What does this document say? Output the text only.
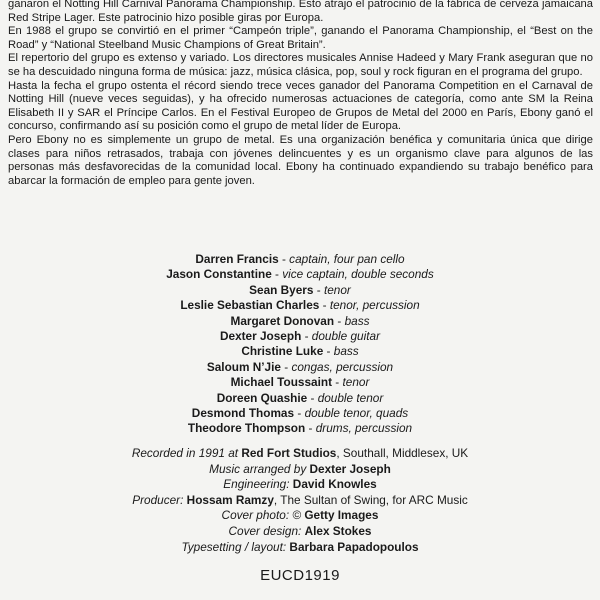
ganaron el Notting Hill Carnival Panorama Championship. Esto atrajo el patrocinio de la fábrica de cerveza jamaicana Red Stripe Lager. Este patrocinio hizo posible giras por Europa.

En 1988 el grupo se convirtió en el primer “Campeón triple”, ganando el Panorama Championship, el “Best on the Road” y “National Steelband Music Champions of Great Britain”.

El repertorio del grupo es extenso y variado. Los directores musicales Annise Hadeed y Mary Frank aseguran que no se ha descuidado ninguna forma de música: jazz, música clásica, pop, soul y rock figuran en el programa del grupo.

Hasta la fecha el grupo ostenta el récord siendo trece veces ganador del Panorama Competition en el Carnaval de Notting Hill (nueve veces seguidas), y ha ofrecido numerosas actuaciones de categoría, como ante SM la Reina Elisabeth II y SAR el Príncipe Carlos. En el Festival Europeo de Grupos de Metal del 2000 en París, Ebony ganó el concurso, confirmando así su posición como el grupo de metal líder de Europa.

Pero Ebony no es simplemente un grupo de metal. Es una organización benéfica y comunitaria única que dirige clases para niños retrasados, trabaja con jóvenes delincuentes y es un organismo clave para algunos de las personas más desfavorecidas de la comunidad local. Ebony ha continuado expandiendo su trabajo benéfico para abarcar la formación de empleo para gente joven.

Darren Francis - captain, four pan cello
Jason Constantine - vice captain, double seconds
Sean Byers - tenor
Leslie Sebastian Charles - tenor, percussion
Margaret Donovan - bass
Dexter Joseph - double guitar
Christine Luke - bass
Saloum N’Jie - congas, percussion
Michael Toussaint - tenor
Doreen Quashie - double tenor
Desmond Thomas - double tenor, quads
Theodore Thompson - drums, percussion
Recorded in 1991 at Red Fort Studios, Southall, Middlesex, UK
Music arranged by Dexter Joseph
Engineering: David Knowles
Producer: Hossam Ramzy, The Sultan of Swing, for ARC Music
Cover photo: © Getty Images
Cover design: Alex Stokes
Typesetting / layout: Barbara Papadopoulos
EUCD1919
